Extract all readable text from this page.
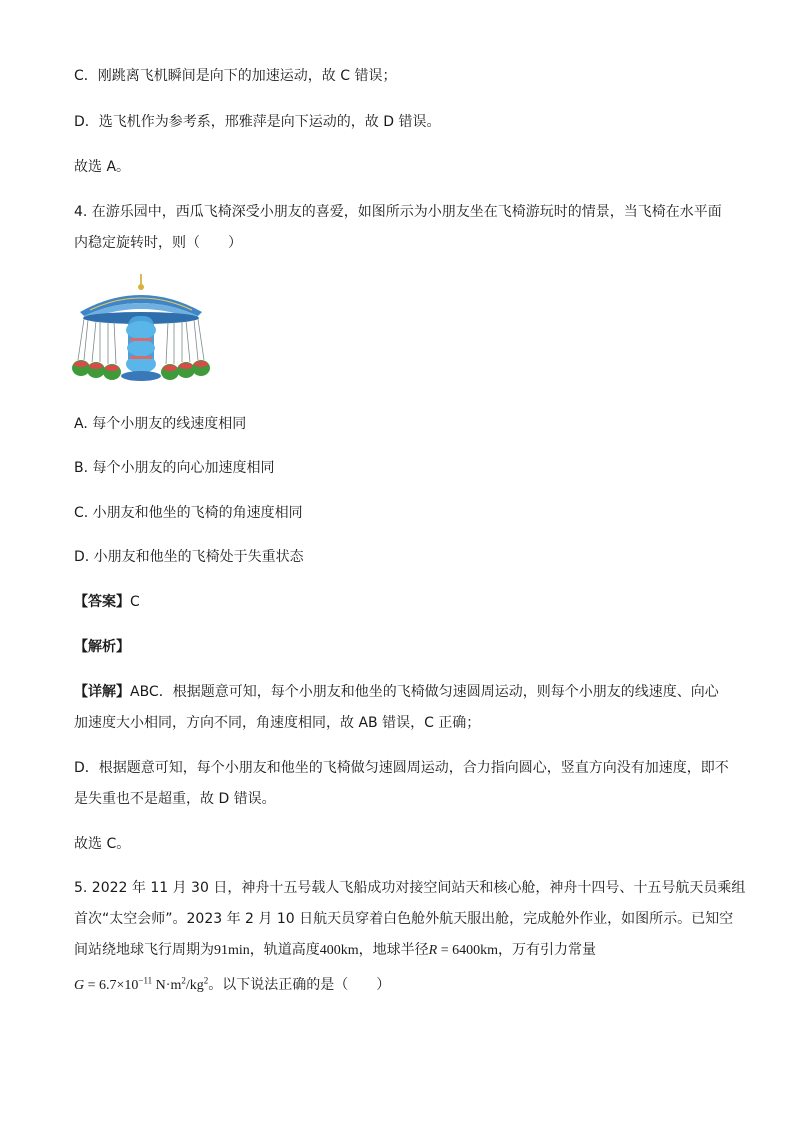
C．刚跳离飞机瞬间是向下的加速运动，故 C 错误；
D．选飞机作为参考系，邢雅萍是向下运动的，故 D 错误。
故选 A。
4. 在游乐园中，西瓜飞椅深受小朋友的喜爱，如图所示为小朋友坐在飞椅游玩时的情景，当飞椅在水平面
内稳定旋转时，则（　　）
A. 每个小朋友的线速度相同
B. 每个小朋友的向心加速度相同
C. 小朋友和他坐的飞椅的角速度相同
D. 小朋友和他坐的飞椅处于失重状态
【答案】C
【解析】
【详解】ABC．根据题意可知，每个小朋友和他坐的飞椅做匀速圆周运动，则每个小朋友的线速度、向心
加速度大小相同，方向不同，角速度相同，故 AB 错误，C 正确；
D．根据题意可知，每个小朋友和他坐的飞椅做匀速圆周运动，合力指向圆心，竖直方向没有加速度，即不
是失重也不是超重，故 D 错误。
故选 C。
5. 2022 年 11 月 30 日，神舟十五号载人飞船成功对接空间站天和核心舱，神舟十四号、十五号航天员乘组
首次“太空会师”。2023 年 2 月 10 日航天员穿着白色舱外航天服出舱，完成舱外作业，如图所示。已知空
间站绕地球飞行周期为91min，轨道高度400km，地球半径R = 6400km，万有引力常量
$G = 6.7\times 10^{-11}$ $N\cdot m^2/kg^2$。以下说法正确的是（　　）
